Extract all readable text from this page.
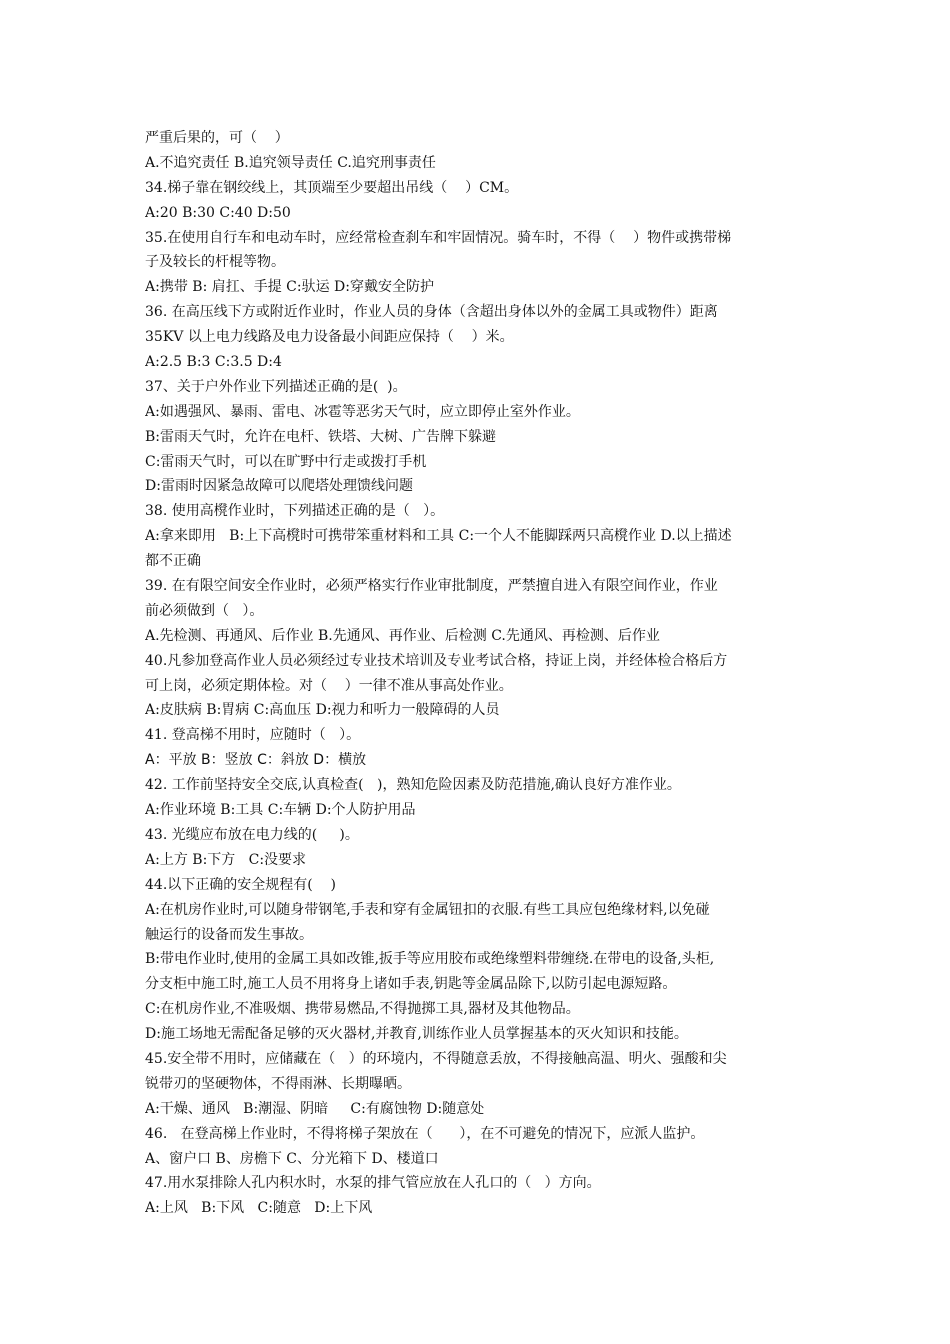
严重后果的，可（    ）
A.不追究责任 B.追究领导责任 C.追究刑事责任
34.梯子靠在钢绞线上，其顶端至少要超出吊线（    ）CM。
A:20 B:30 C:40 D:50
35.在使用自行车和电动车时，应经常检查刹车和牢固情况。骑车时，不得（    ）物件或携带梯
子及较长的杆棍等物。
A:携带 B: 肩扛、手提 C:驮运 D:穿戴安全防护
36. 在高压线下方或附近作业时，作业人员的身体（含超出身体以外的金属工具或物件）距离
35KV 以上电力线路及电力设备最小间距应保持（    ）米。
A:2.5 B:3 C:3.5 D:4
37、关于户外作业下列描述正确的是(  )。
A:如遇强风、暴雨、雷电、冰雹等恶劣天气时，应立即停止室外作业。
B:雷雨天气时，允许在电杆、铁塔、大树、广告牌下躲避
C:雷雨天气时，可以在旷野中行走或拨打手机
D:雷雨时因紧急故障可以爬塔处理馈线问题
38. 使用高櫈作业时，下列描述正确的是（   ）。
A:拿来即用   B:上下高櫈时可携带笨重材料和工具 C:一个人不能脚踩两只高櫈作业 D.以上描述
都不正确
39. 在有限空间安全作业时，必须严格实行作业审批制度，严禁擅自进入有限空间作业，作业
前必须做到（   ）。
A.先检测、再通风、后作业 B.先通风、再作业、后检测 C.先通风、再检测、后作业
40.凡参加登高作业人员必须经过专业技术培训及专业考试合格，持证上岗，并经体检合格后方
可上岗，必须定期体检。对（    ）一律不准从事高处作业。
A:皮肤病 B:胃病 C:高血压 D:视力和听力一般障碍的人员
41. 登高梯不用时，应随时（   ）。
A：平放 B：竖放 C：斜放 D：横放
42. 工作前坚持安全交底,认真检查(   )，熟知危险因素及防范措施,确认良好方准作业。
A:作业环境 B:工具 C:车辆 D:个人防护用品
43. 光缆应布放在电力线的(     )。
A:上方 B:下方   C:没要求
44.以下正确的安全规程有(    )
A:在机房作业时,可以随身带钢笔,手表和穿有金属钮扣的衣服.有些工具应包绝缘材料,以免碰
触运行的设备而发生事故。
B:带电作业时,使用的金属工具如改锥,扳手等应用胶布或绝缘塑料带缠绕.在带电的设备,头柜,
分支柜中施工时,施工人员不用将身上诸如手表,钥匙等金属品除下,以防引起电源短路。
C:在机房作业,不准吸烟、携带易燃品,不得抛掷工具,器材及其他物品。
D:施工场地无需配备足够的灭火器材,并教育,训练作业人员掌握基本的灭火知识和技能。
45.安全带不用时，应储藏在（   ）的环境内，不得随意丢放，不得接触高温、明火、强酸和尖
锐带刃的坚硬物体，不得雨淋、长期曝晒。
A:干燥、通风   B:潮湿、阴暗     C:有腐蚀物 D:随意处
46.   在登高梯上作业时，不得将梯子架放在（      ），在不可避免的情况下，应派人监护。
A、窗户口 B、房檐下 C、分光箱下 D、楼道口
47.用水泵排除人孔内积水时，水泵的排气管应放在人孔口的（   ）方向。
A:上风   B:下风   C:随意   D:上下风
